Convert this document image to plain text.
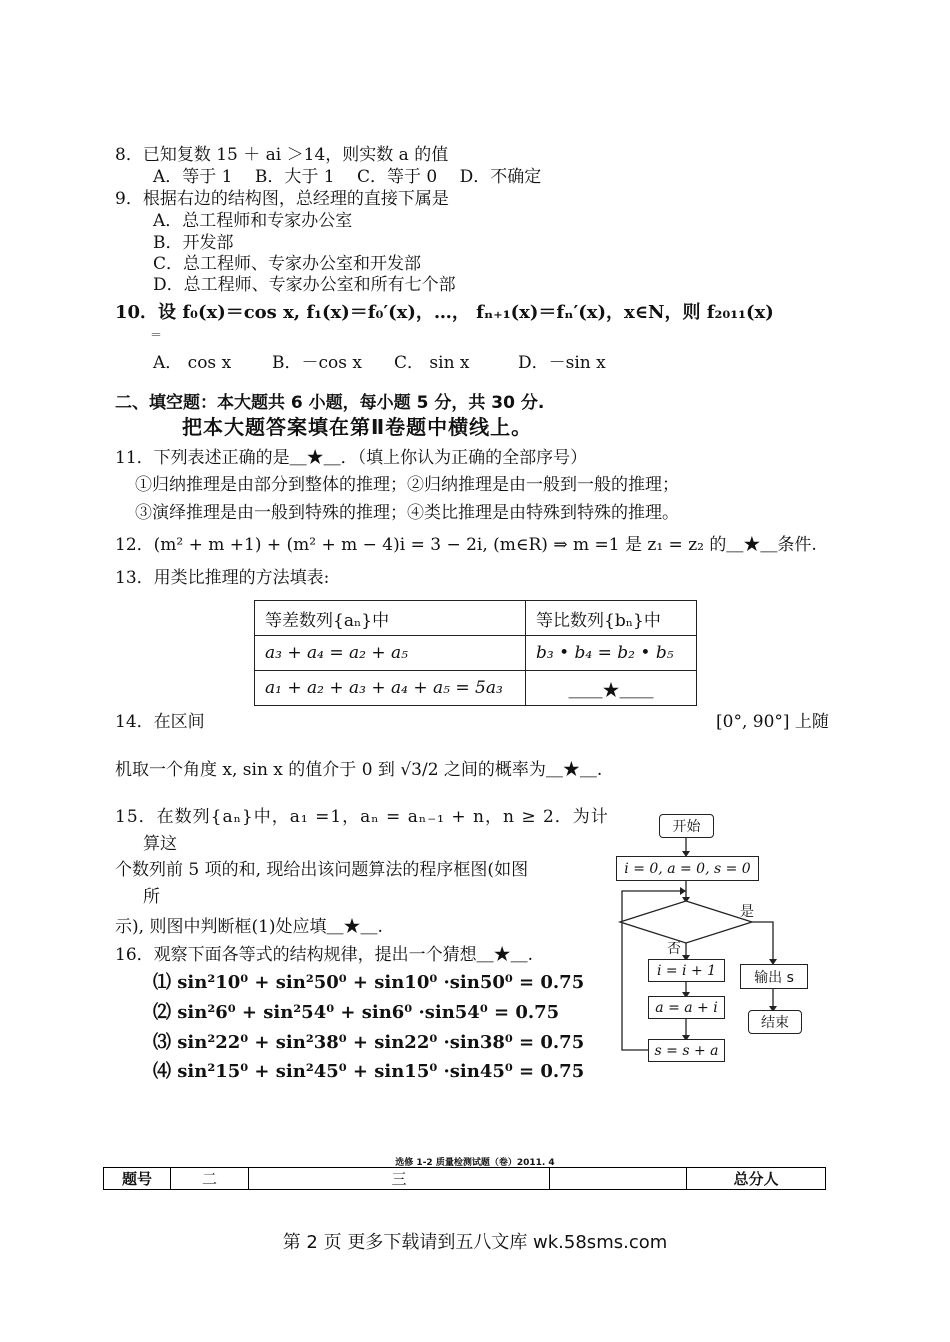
8．已知复数 15 ＋ ai ＞14，则实数 a 的值
A．等于 1　 B．大于 1　 C．等于 0　 D．不确定
9．根据右边的结构图，总经理的直接下属是
A．总工程师和专家办公室
B．开发部
C．总工程师、专家办公室和开发部
D．总工程师、专家办公室和所有七个部
10．设 f₀(x)＝cos x, f₁(x)＝f₀′(x)，…， fₙ₊₁(x)＝fₙ′(x)，x∈N，则 f₂₀₁₁(x)
＝
A． cos x B．－cos x C． sin x	D．－sin x
二、填空题：本大题共 6 小题，每小题 5 分，共 30 分.
把本大题答案填在第Ⅱ卷题中横线上。
11．下列表述正确的是＿★＿．（填上你认为正确的全部序号）
①归纳推理是由部分到整体的推理；②归纳推理是由一般到一般的推理；
③演绎推理是由一般到特殊的推理；④类比推理是由特殊到特殊的推理。
12．(m² + m +1) + (m² + m − 4)i = 3 − 2i, (m∈R) ⇒ m =1 是 z₁ = z₂ 的＿★＿条件.
13．用类比推理的方法填表:
等差数列{aₙ}中	等比数列{bₙ}中
a₃ + a₄ = a₂ + a₅	b₃ • b₄ = b₂ • b₅
a₁ + a₂ + a₃ + a₄ + a₅ = 5a₃	＿＿★＿＿
14．在区间	[0°, 90°] 上随
机取一个角度 x, sin x 的值介于 0 到 √3/2 之间的概率为＿★＿.
15．在数列{aₙ}中，a₁ =1，aₙ = aₙ₋₁ + n，n ≥ 2．为计
算这
个数列前 5 项的和, 现给出该问题算法的程序框图(如图
所
示), 则图中判断框(1)处应填＿★＿.
16．观察下面各等式的结构规律，提出一个猜想＿★＿.
⑴ sin²10⁰ + sin²50⁰ + sin10⁰ ·sin50⁰ = 0.75
⑵ sin²6⁰ + sin²54⁰ + sin6⁰ ·sin54⁰ = 0.75
⑶ sin²22⁰ + sin²38⁰ + sin22⁰ ·sin38⁰ = 0.75
⑷ sin²15⁰ + sin²45⁰ + sin15⁰ ·sin45⁰ = 0.75
开始
i = 0, a = 0, s = 0
是
否
i = i + 1
a = a + i
s = s + a
输出 s
结束
选修 1-2 质量检测试题（卷）2011. 4
题号	二	三		总分人
第 2 页 更多下载请到五八文库 wk.58sms.com
